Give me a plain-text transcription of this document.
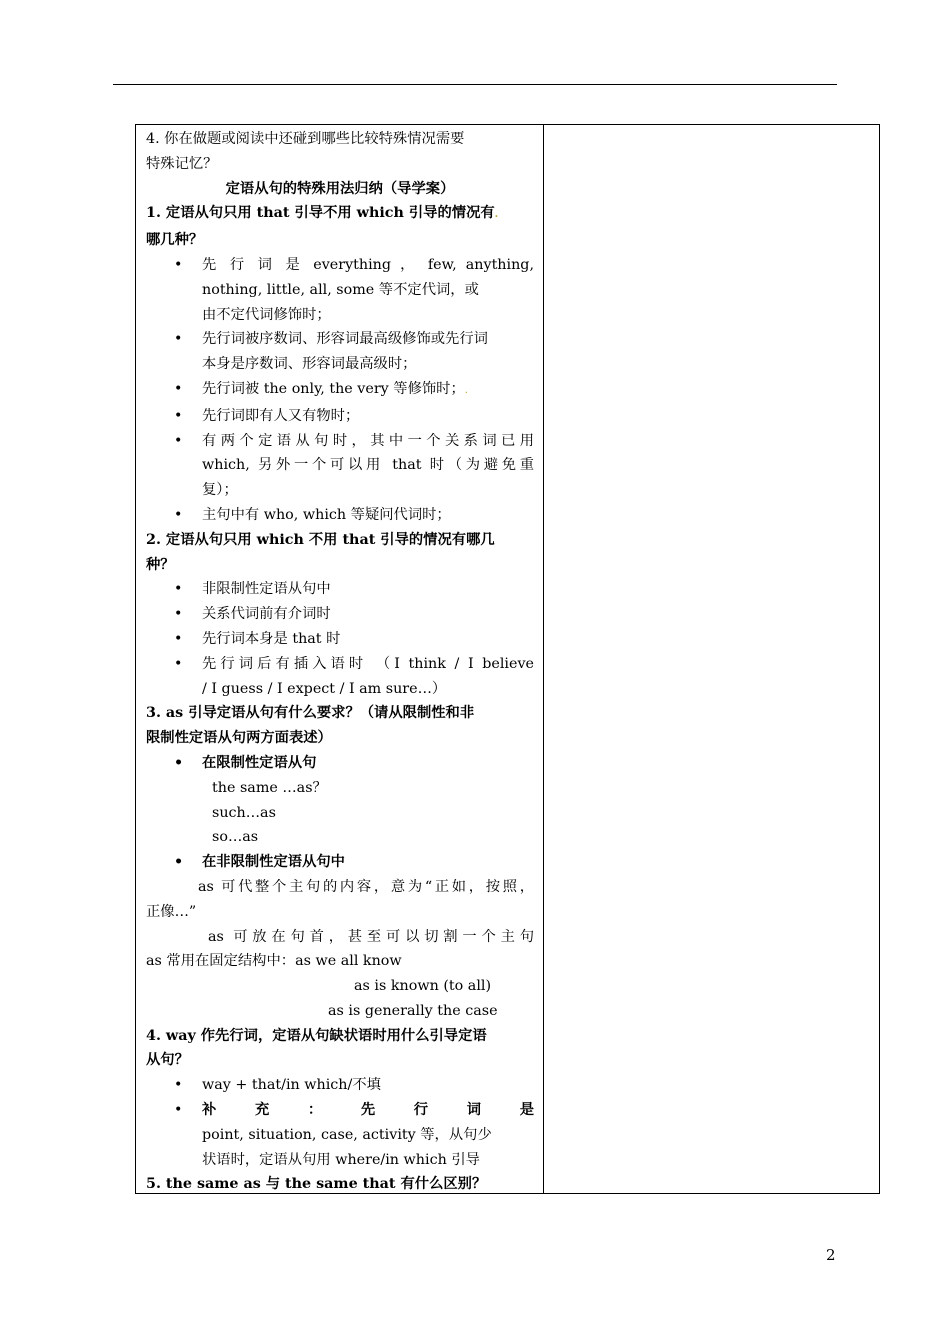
4. 你在做题或阅读中还碰到哪些比较特殊情况需要
特殊记忆？

定语从句的特殊用法归纳（导学案）

1. 定语从句只用 that 引导不用 which 引导的情况有.
哪几种？

• 先 行 词 是 everything ， few, anything,
nothing, little, all, some 等不定代词，或
由不定代词修饰时；

• 先行词被序数词、形容词最高级修饰或先行词
本身是序数词、形容词最高级时；

• 先行词被 the only, the very 等修饰时；.

• 先行词即有人又有物时；

• 有两个定语从句时，其中一个关系词已用
which, 另外一个可以用 that 时（为避免重
复）；

• 主句中有 who, which 等疑问代词时；

2. 定语从句只用 which 不用 that 引导的情况有哪几
种？

• 非限制性定语从句中

• 关系代词前有介词时

• 先行词本身是 that 时

• 先行词后有插入语时 （I think / I believe
/ I guess / I expect / I am sure…）

3. as 引导定语从句有什么要求？（请从限制性和非
限制性定语从句两方面表述）

• 在限制性定语从句

the same …as？

such…as

so…as

• 在非限制性定语从句中

as 可代整个主句的内容，意为“正如，按照，

正像…”

as 可放在句首，甚至可以切割一个主句

as 常用在固定结构中：as we all know

as is known (to all)

as is generally the case

4. way 作先行词，定语从句缺状语时用什么引导定语
从句？

• way + that/in which/不填

• 补 充 ： 先 行 词 是
point, situation, case, activity 等，从句少
状语时，定语从句用 where/in which 引导

5. the same as 与 the same that 有什么区别？

2
